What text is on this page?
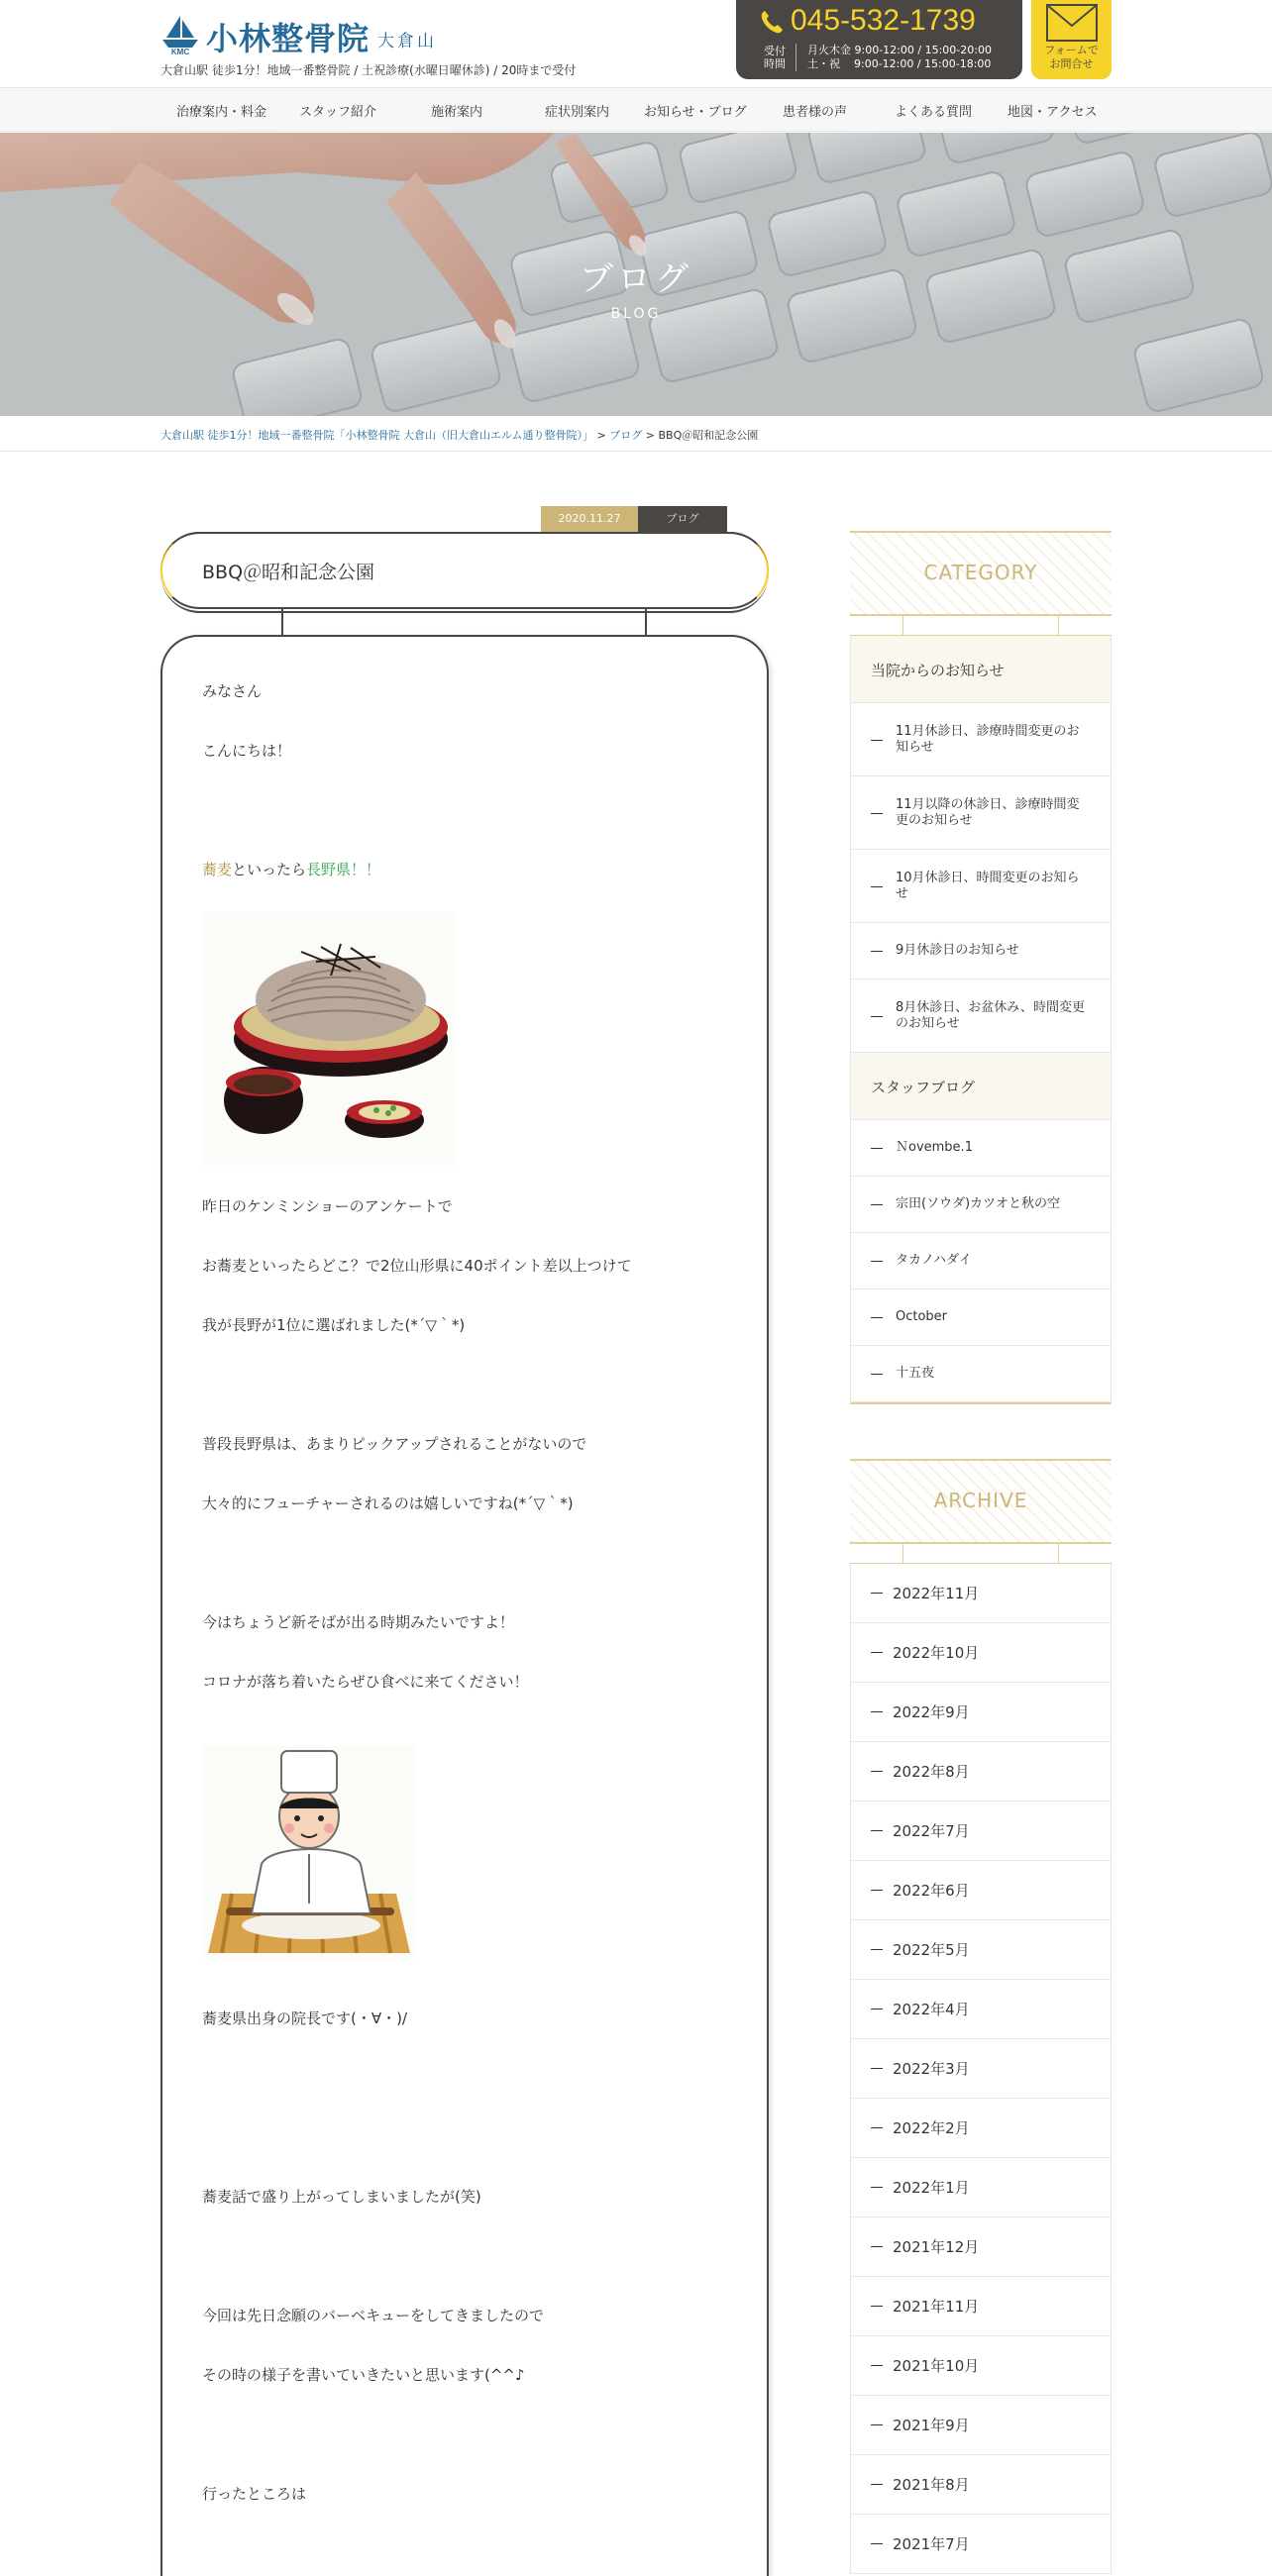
KMC 小林整骨院 大倉山
大倉山駅 徒歩1分！地域一番整骨院 / 土祝診療(水曜日曜休診) / 20時まで受付
045-532-1739
受付
時間
月火木金 9:00-12:00 / 15:00-20:00
土・祝    9:00-12:00 / 15:00-18:00
フォームで
お問合せ
治療案内・料金	スタッフ紹介	施術案内	症状別案内	お知らせ・ブログ	患者様の声	よくある質問	地図・アクセス
ブログ
BLOG
大倉山駅 徒歩1分！地域一番整骨院「小林整骨院 大倉山（旧大倉山エルム通り整骨院）」 > ブログ > BBQ＠昭和記念公園
2020.11.27	ブログ
BBQ＠昭和記念公園

みなさん

こんにちは！

蕎麦といったら長野県！！

昨日のケンミンショーのアンケートで

お蕎麦といったらどこ？で2位山形県に40ポイント差以上つけて

我が長野が1位に選ばれました(*´▽｀*)

普段長野県は、あまりピックアップされることがないので

大々的にフューチャーされるのは嬉しいですね(*´▽｀*)

今はちょうど新そばが出る時期みたいですよ！

コロナが落ち着いたらぜひ食べに来てください！

蕎麦県出身の院長です(・∀・)/

蕎麦話で盛り上がってしまいましたが(笑)

今回は先日念願のバーベキューをしてきましたので

その時の様子を書いていきたいと思います(^^♪

行ったところは

CATEGORY
当院からのお知らせ
11月休診日、診療時間変更のお知らせ
11月以降の休診日、診療時間変更のお知らせ
10月休診日、時間変更のお知らせ
9月休診日のお知らせ
8月休診日、お盆休み、時間変更のお知らせ
スタッフブログ
Ｎovembe.1
宗田(ソウダ)カツオと秋の空
タカノハダイ
October
十五夜
ARCHIVE
2022年11月
2022年10月
2022年9月
2022年8月
2022年7月
2022年6月
2022年5月
2022年4月
2022年3月
2022年2月
2022年1月
2021年12月
2021年11月
2021年10月
2021年9月
2021年8月
2021年7月
